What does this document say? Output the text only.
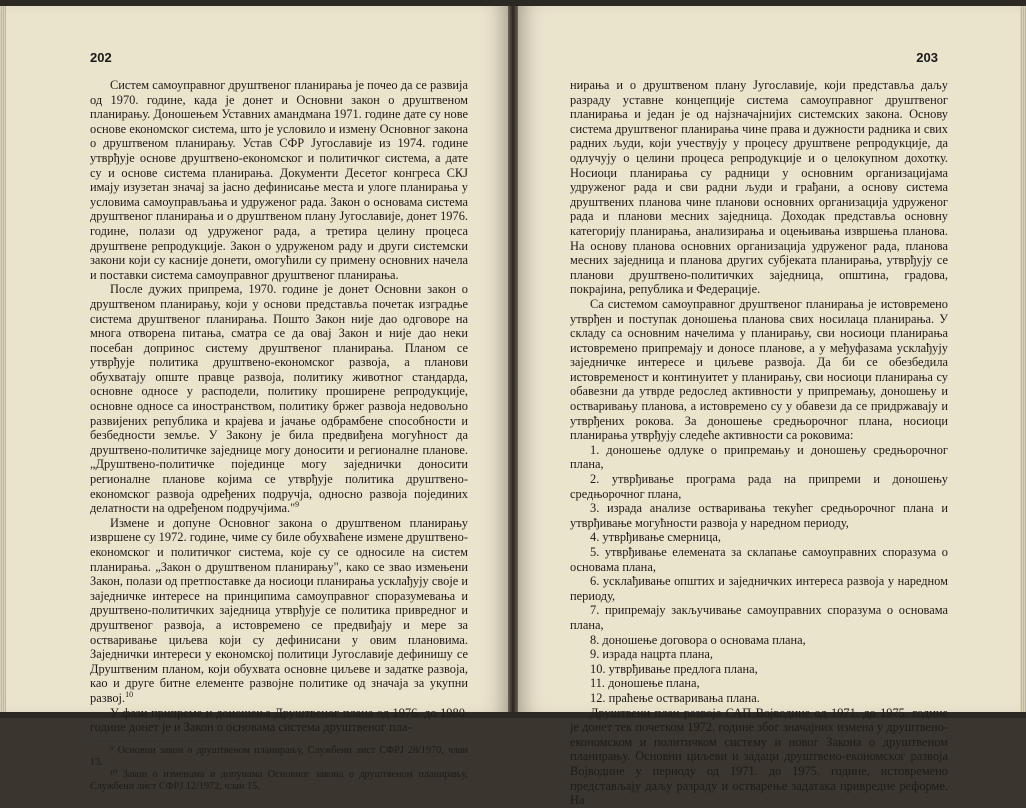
202

Систем самоуправног друштвеног планирања је почео да се развија од 1970. године, када је донет и Основни закон о друштвеном планирању. Доношењем Уставних амандмана 1971. године дате су нове основе економског система, што је условило и измену Основног закона о друштвеном планирању. Устав СФР Југославије из 1974. године утврђује основе друштвено-економског и политичког система, а дате су и основе система планирања. Документи Десетог конгреса СКЈ имају изузетан значај за јасно дефинисање места и улоге планирања у условима самоуправљања и удруженог рада. Закон о основама система друштвеног планирања и о друштвеном плану Југославије, донет 1976. године, полази од удруженог рада, а третира целину процеса друштвене репродукције. Закон о удруженом раду и други системски закони који су касније донети, омогућили су примену основних начела и поставки система самоуправног друштвеног планирања.

После дужих припрема, 1970. године је донет Основни закон о друштвеном планирању, који у основи представља почетак изградње система друштвеног планирања. Пошто Закон није дао одговоре на многа отворена питања, сматра се да овај Закон и није дао неки посебан допринос систему друштвеног планирања. Планом се утврђује политика друштвено-економског развоја, а планови обухватају опште правце развоја, политику животног стандарда, основне односе у расподели, политику проширене репродукције, основне односе са иностранством, политику бржег развоја недовољно развијених република и крајева и јачање одбрамбене способности и безбедности земље. У Закону је била предвиђена могућност да друштвено-политичке заједнице могу доносити и регионалне планове. „Друштвено-политичке појединце могу заједнички доносити регионалне планове којима се утврђује политика друштвено-економског развоја одређених подручја, односно развоја појединих делатности на одређеном подручјима."$^9$

Измене и допуне Основног закона о друштвеном планирању извршене су 1972. године, чиме су биле обухваћене измене друштвено-економског и политичког система, које су се односиле на систем планирања. „Закон о друштвеном планирању", како се звао измењени Закон, полази од претпоставке да носиоци планирања усклађују своје и заједничке интересе на принципима самоуправног споразумевања и друштвено-политичких заједница утврђује се политика привредног и друштвеног развоја, а истовремено се предвиђају и мере за остваривање циљева који су дефинисани у овим плановима. Заједнички интереси у економској политици Југославије дефинишу се Друштвеним планом, који обухвата основне циљеве и задатке развоја, као и друге битне елементе развојне политике од значаја за укупни развој.$^{10}$

У фази припреме и доношења Друштвеног плана од 1976. до 1980. године донет је и Закон о основама система друштвеног пла-

⁹ Основни закон о друштвеном планирању, Службени лист СФРЈ 28/1970, члан 13.

¹⁰ Закон о изменама и допунама Основног закона о друштвеном планирању, Службени лист СФРЈ 12/1972, члан 15.

203

нирања и о друштвеном плану Југославије, који представља даљу разраду уставне концепције система самоуправног друштвеног планирања и један је од најзначајнијих системских закона. Основу система друштвеног планирања чине права и дужности радника и свих радних људи, који учествују у процесу друштвене репродукције, да одлучују о целини процеса репродукције и о целокупном дохотку. Носиоци планирања су радници у основним организацијама удруженог рада и сви радни људи и грађани, а основу система друштвених планова чине планови основних организација удруженог рада и планови месних заједница. Доходак представља основну категорију планирања, анализирања и оцењивања извршења планова. На основу планова основних организација удруженог рада, планова месних заједница и планова других субјеката планирања, утврђују се планови друштвено-политичких заједница, општина, градова, покрајина, република и Федерације.

Са системом самоуправног друштвеног планирања је истовремено утврђен и поступак доношења планова свих носилаца планирања. У складу са основним начелима у планирању, сви носиоци планирања истовремено припремају и доносе планове, а у међуфазама усклађују заједничке интересе и циљеве развоја. Да би се обезбедила истовременост и континуитет у планирању, сви носиоци планирања су обавезни да утврде редослед активности у припремању, доношењу и остваривању планова, а истовремено су у обавези да се придржавају и утврђених рокова. За доношење средњорочног плана, носиоци планирања утврђују следеће активности са роковима:

1. доношење одлуке о припремању и доношењу средњорочног плана,

2. утврђивање програма рада на припреми и доношењу средњорочног плана,

3. израда анализе остваривања текућег средњорочног плана и утврђивање могућности развоја у наредном периоду,

4. утврђивање смерница,

5. утврђивање елемената за склапање самоуправних споразума о основама плана,

6. усклађивање општих и заједничких интереса развоја у наредном периоду,

7. припремају закључивање самоуправних споразума о основама плана,

8. доношење договора о основама плана,

9. израда нацрта плана,

10. утврђивање предлога плана,

11. доношење плана,

12. праћење остваривања плана.

Друштвени план развоја САП Војводине од 1971. до 1975. године је донет тек почетком 1972. године због значајних измена у друштвено-економском и политичком систему и новог Закона о друштвеном планирању. Основни циљеви и задаци друштвено-економског развоја Војводине у периоду од 1971. до 1975. године, истовремено представљају даљу разраду и остварење задатака привредне реформе. На
